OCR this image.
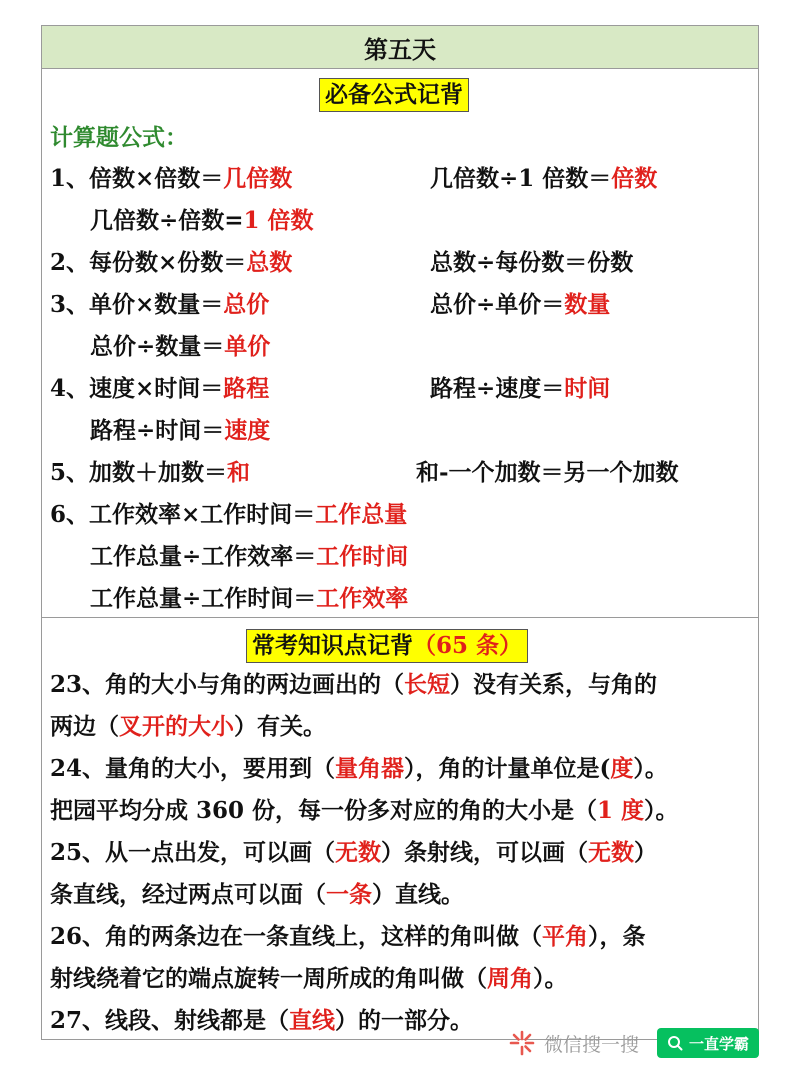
第五天
必备公式记背
计算题公式：
1、倍数×倍数＝几倍数	几倍数÷1 倍数＝倍数
几倍数÷倍数=1 倍数
2、每份数×份数＝总数	总数÷每份数＝份数
3、单价×数量＝总价	总价÷单价＝数量
总价÷数量＝单价
4、速度×时间＝路程	路程÷速度＝时间
路程÷时间＝速度
5、加数＋加数＝和	和-一个加数＝另一个加数
6、工作效率×工作时间＝工作总量
工作总量÷工作效率＝工作时间
工作总量÷工作时间＝工作效率
常考知识点记背（65 条）
23、角的大小与角的两边画出的（长短）没有关系，与角的
两边（叉开的大小）有关。
24、量角的大小，要用到（量角器），角的计量单位是(度）。
把园平均分成 360 份，每一份多对应的角的大小是（1 度）。
25、从一点出发，可以画（无数）条射线，可以画（无数）
条直线，经过两点可以面（一条）直线。
26、角的两条边在一条直线上，这样的角叫做（平角），条
射线绕着它的端点旋转一周所成的角叫做（周角）。
27、线段、射线都是（直线）的一部分。
微信搜一搜	一直学霸
